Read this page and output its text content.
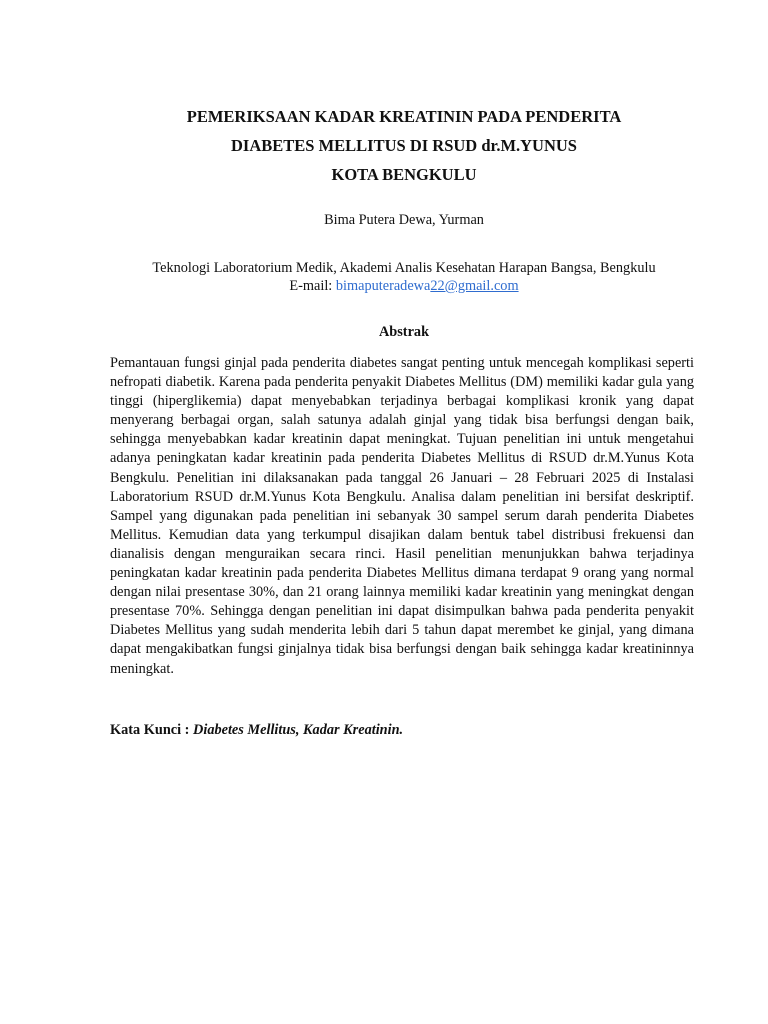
PEMERIKSAAN KADAR KREATININ PADA PENDERITA
DIABETES MELLITUS DI RSUD dr.M.YUNUS
KOTA BENGKULU
Bima Putera Dewa, Yurman
Teknologi Laboratorium Medik, Akademi Analis Kesehatan Harapan Bangsa, Bengkulu
E-mail: bimaputeradewa22@gmail.com
Abstrak

Pemantauan fungsi ginjal pada penderita diabetes sangat penting untuk mencegah komplikasi seperti nefropati diabetik. Karena pada penderita penyakit Diabetes Mellitus (DM) memiliki kadar gula yang tinggi (hiperglikemia) dapat menyebabkan terjadinya berbagai komplikasi kronik yang dapat menyerang berbagai organ, salah satunya adalah ginjal yang tidak bisa berfungsi dengan baik, sehingga menyebabkan kadar kreatinin dapat meningkat. Tujuan penelitian ini untuk mengetahui adanya peningkatan kadar kreatinin pada penderita Diabetes Mellitus di RSUD dr.M.Yunus Kota Bengkulu. Penelitian ini dilaksanakan pada tanggal 26 Januari – 28 Februari 2025 di Instalasi Laboratorium RSUD dr.M.Yunus Kota Bengkulu. Analisa dalam penelitian ini bersifat deskriptif. Sampel yang digunakan pada penelitian ini sebanyak 30 sampel serum darah penderita Diabetes Mellitus. Kemudian data yang terkumpul disajikan dalam bentuk tabel distribusi frekuensi dan dianalisis dengan menguraikan secara rinci. Hasil penelitian menunjukkan bahwa terjadinya peningkatan kadar kreatinin pada penderita Diabetes Mellitus dimana terdapat 9 orang yang normal dengan nilai presentase 30%, dan 21 orang lainnya memiliki kadar kreatinin yang meningkat dengan presentase 70%. Sehingga dengan penelitian ini dapat disimpulkan bahwa pada penderita penyakit Diabetes Mellitus yang sudah menderita lebih dari 5 tahun dapat merembet ke ginjal, yang dimana dapat mengakibatkan fungsi ginjalnya tidak bisa berfungsi dengan baik sehingga kadar kreatininnya meningkat.

Kata Kunci : Diabetes Mellitus, Kadar Kreatinin.
